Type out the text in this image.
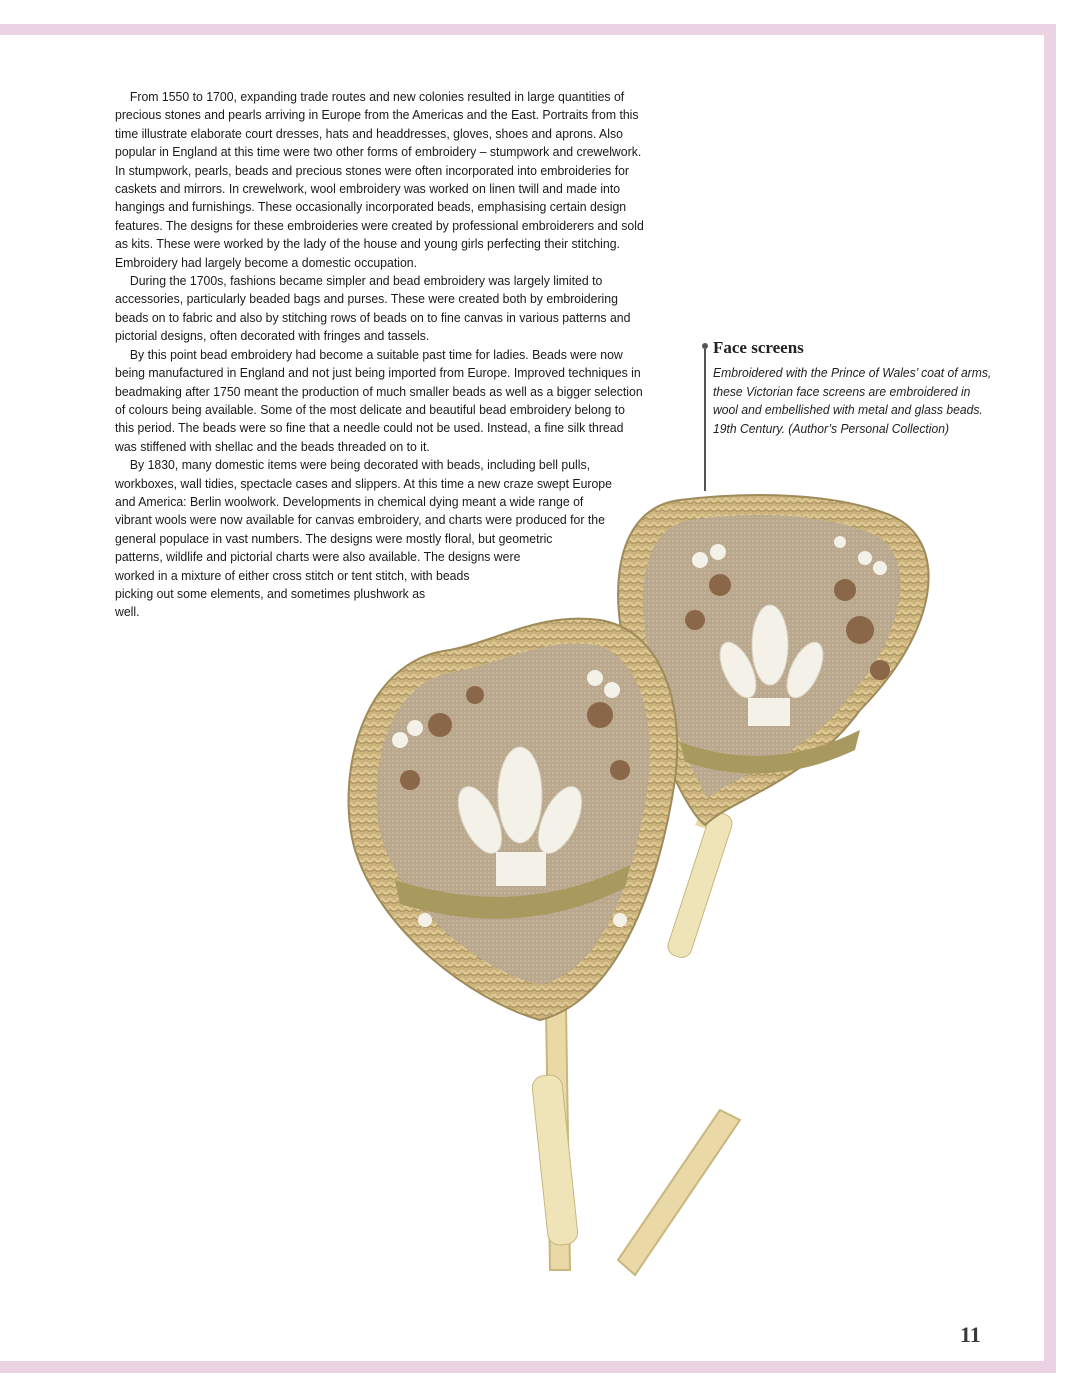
From 1550 to 1700, expanding trade routes and new colonies resulted in large quantities of precious stones and pearls arriving in Europe from the Americas and the East. Portraits from this time illustrate elaborate court dresses, hats and headdresses, gloves, shoes and aprons. Also popular in England at this time were two other forms of embroidery – stumpwork and crewelwork. In stumpwork, pearls, beads and precious stones were often incorporated into embroideries for caskets and mirrors. In crewelwork, wool embroidery was worked on linen twill and made into hangings and furnishings. These occasionally incorporated beads, emphasising certain design features. The designs for these embroideries were created by professional embroiderers and sold as kits. These were worked by the lady of the house and young girls perfecting their stitching. Embroidery had largely become a domestic occupation.

During the 1700s, fashions became simpler and bead embroidery was largely limited to accessories, particularly beaded bags and purses. These were created both by embroidering beads on to fabric and also by stitching rows of beads on to fine canvas in various patterns and pictorial designs, often decorated with fringes and tassels.

By this point bead embroidery had become a suitable past time for ladies. Beads were now being manufactured in England and not just being imported from Europe. Improved techniques in beadmaking after 1750 meant the production of much smaller beads as well as a bigger selection of colours being available. Some of the most delicate and beautiful bead embroidery belong to this period. The beads were so fine that a needle could not be used. Instead, a fine silk thread was stiffened with shellac and the beads threaded on to it.

By 1830, many domestic items were being decorated with beads, including bell pulls, workboxes, wall tidies, spectacle cases and slippers. At this time a new craze swept Europe and America: Berlin woolwork. Developments in chemical dying meant a wide range of vibrant wools were now available for canvas embroidery, and charts were produced for the general populace in vast numbers. The designs were mostly floral, but geometric patterns, wildlife and pictorial charts were also available. The designs were worked in a mixture of either cross stitch or tent stitch, with beads picking out some elements, and sometimes plushwork as well.

Face screens

Embroidered with the Prince of Wales’ coat of arms, these Victorian face screens are embroidered in wool and embellished with metal and glass beads. 19th Century. (Author’s Personal Collection)

11
